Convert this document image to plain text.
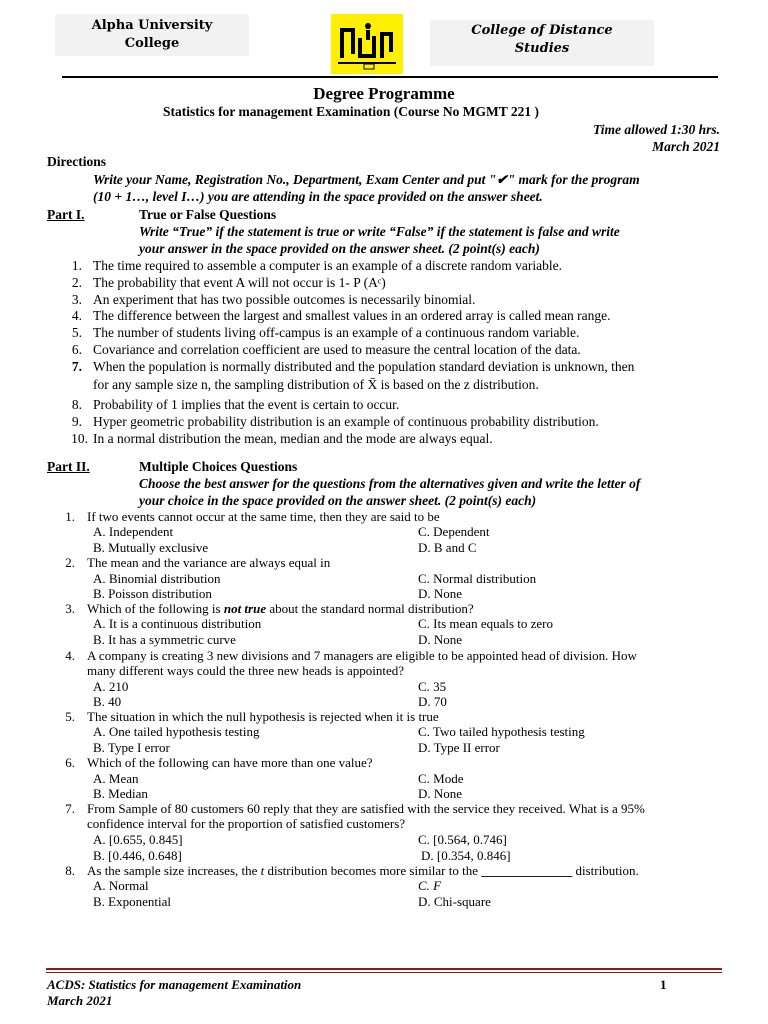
Alpha University
College
College of Distance
Studies
Degree Programme
Statistics for management Examination (Course No MGMT 221 )
Time allowed 1:30 hrs.
March 2021
Directions
Write your Name, Registration No., Department, Exam Center and put "✔" mark for the program
(10 + 1…, level I…) you are attending in the space provided on the answer sheet.
Part I.	True or False Questions
Write “True” if the statement is true or write “False” if the statement is false and write
your answer in the space provided on the answer sheet. (2 point(s) each)
1. The time required to assemble a computer is an example of a discrete random variable.
2. The probability that event A will not occur is 1- P (Aᶜ)
3. An experiment that has two possible outcomes is necessarily binomial.
4. The difference between the largest and smallest values in an ordered array is called mean range.
5. The number of students living off-campus is an example of a continuous random variable.
6. Covariance and correlation coefficient are used to measure the central location of the data.
7. When the population is normally distributed and the population standard deviation is unknown, then
for any sample size n, the sampling distribution of X̄ is based on the z distribution.
8. Probability of 1 implies that the event is certain to occur.
9. Hyper geometric probability distribution is an example of continuous probability distribution.
10. In a normal distribution the mean, median and the mode are always equal.
Part II.	Multiple Choices Questions
Choose the best answer for the questions from the alternatives given and write the letter of
your choice in the space provided on the answer sheet. (2 point(s) each)
1. If two events cannot occur at the same time, then they are said to be
A. Independent	C. Dependent
B. Mutually exclusive	D. B and C
2. The mean and the variance are always equal in
A. Binomial distribution	C. Normal distribution
B. Poisson distribution	D. None
3. Which of the following is not true about the standard normal distribution?
A. It is a continuous distribution	C. Its mean equals to zero
B. It has a symmetric curve	D. None
4. A company is creating 3 new divisions and 7 managers are eligible to be appointed head of division. How
many different ways could the three new heads is appointed?
A. 210	C. 35
B. 40	D. 70
5. The situation in which the null hypothesis is rejected when it is true
A. One tailed hypothesis testing	C. Two tailed hypothesis testing
B. Type I error	D. Type II error
6. Which of the following can have more than one value?
A. Mean	C. Mode
B. Median	D. None
7. From Sample of 80 customers 60 reply that they are satisfied with the service they received. What is a 95%
confidence interval for the proportion of satisfied customers?
A. [0.655, 0.845]	C. [0.564, 0.746]
B. [0.446, 0.648]	D. [0.354, 0.846]
8. As the sample size increases, the t distribution becomes more similar to the ______________ distribution.
A. Normal	C. F
B. Exponential	D. Chi-square
ACDS: Statistics for management Examination
March 2021
1
